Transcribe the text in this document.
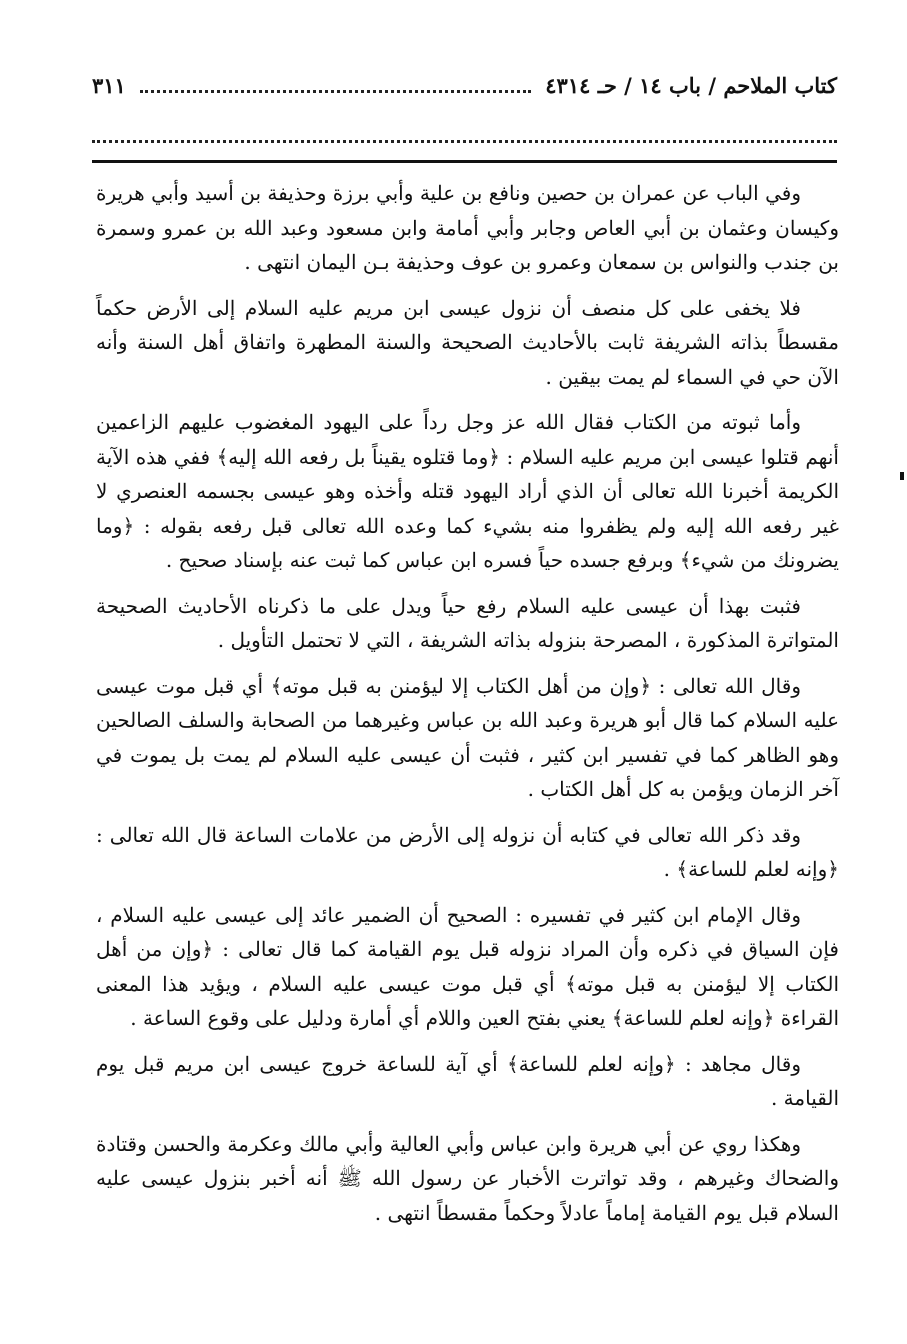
كتاب الملاحم / باب ١٤ / حـ ٤٣١٤
٣١١

وفي الباب عن عمران بن حصين ونافع بن علية وأبي برزة وحذيفة بن أسيد وأبي هريرة وكيسان وعثمان بن أبي العاص وجابر وأبي أمامة وابن مسعود وعبد الله بن عمرو وسمرة بن جندب والنواس بن سمعان وعمرو بن عوف وحذيفة بـن اليمان انتهى .

فلا يخفى على كل منصف أن نزول عيسى ابن مريم عليه السلام إلى الأرض حكماً مقسطاً بذاته الشريفة ثابت بالأحاديث الصحيحة والسنة المطهرة واتفاق أهل السنة وأنه الآن حي في السماء لم يمت بيقين .

وأما ثبوته من الكتاب فقال الله عز وجل رداً على اليهود المغضوب عليهم الزاعمين أنهم قتلوا عيسى ابن مريم عليه السلام : ﴿وما قتلوه يقيناً بل رفعه الله إليه﴾ ففي هذه الآية الكريمة أخبرنا الله تعالى أن الذي أراد اليهود قتله وأخذه وهو عيسى بجسمه العنصري لا غير رفعه الله إليه ولم يظفروا منه بشيء كما وعده الله تعالى قبل رفعه بقوله : ﴿وما يضرونك من شيء﴾ وبرفع جسده حياً فسره ابن عباس كما ثبت عنه بإسناد صحيح .

فثبت بهذا أن عيسى عليه السلام رفع حياً ويدل على ما ذكرناه الأحاديث الصحيحة المتواترة المذكورة ، المصرحة بنزوله بذاته الشريفة ، التي لا تحتمل التأويل .

وقال الله تعالى : ﴿وإن من أهل الكتاب إلا ليؤمنن به قبل موته﴾ أي قبل موت عيسى عليه السلام كما قال أبو هريرة وعبد الله بن عباس وغيرهما من الصحابة والسلف الصالحين وهو الظاهر كما في تفسير ابن كثير ، فثبت أن عيسى عليه السلام لم يمت بل يموت في آخر الزمان ويؤمن به كل أهل الكتاب .

وقد ذكر الله تعالى في كتابه أن نزوله إلى الأرض من علامات الساعة قال الله تعالى : ﴿وإنه لعلم للساعة﴾ .

وقال الإمام ابن كثير في تفسيره : الصحيح أن الضمير عائد إلى عيسى عليه السلام ، فإن السياق في ذكره وأن المراد نزوله قبل يوم القيامة كما قال تعالى : ﴿وإن من أهل الكتاب إلا ليؤمنن به قبل موته﴾ أي قبل موت عيسى عليه السلام ، ويؤيد هذا المعنى القراءة ﴿وإنه لعلم للساعة﴾ يعني بفتح العين واللام أي أمارة ودليل على وقوع الساعة .

وقال مجاهد : ﴿وإنه لعلم للساعة﴾ أي آية للساعة خروج عيسى ابن مريم قبل يوم القيامة .

وهكذا روي عن أبي هريرة وابن عباس وأبي العالية وأبي مالك وعكرمة والحسن وقتادة والضحاك وغيرهم ، وقد تواترت الأخبار عن رسول الله ﷺ أنه أخبر بنزول عيسى عليه السلام قبل يوم القيامة إماماً عادلاً وحكماً مقسطاً انتهى .
